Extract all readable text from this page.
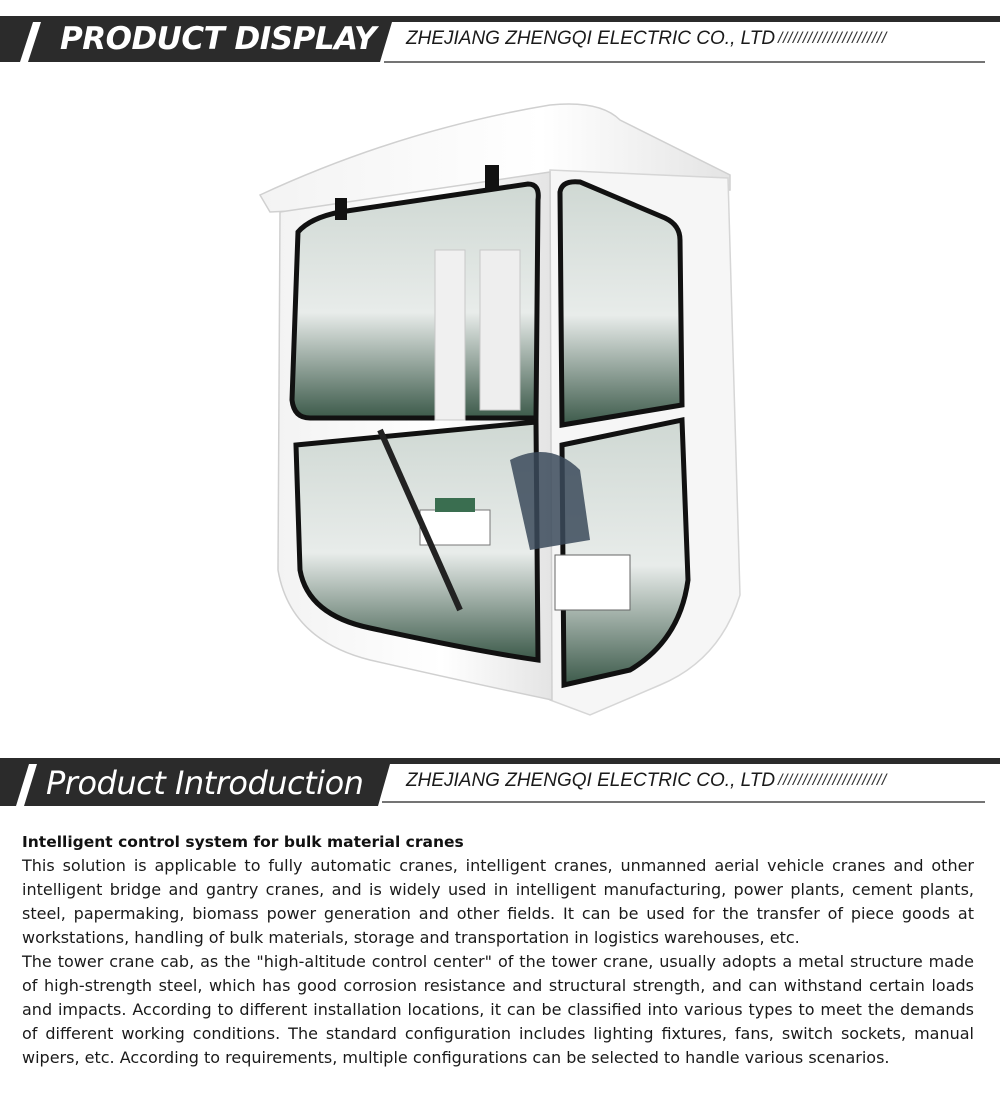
PRODUCT DISPLAY ZHEJIANG ZHENGQI ELECTRIC CO., LTD //////////////////////
Product Introduction ZHEJIANG ZHENGQI ELECTRIC CO., LTD //////////////////////
Intelligent control system for bulk material cranes

This solution is applicable to fully automatic cranes, intelligent cranes, unmanned aerial vehicle cranes and other intelligent bridge and gantry cranes, and is widely used in intelligent manufacturing, power plants, cement plants, steel, papermaking, biomass power generation and other fields. It can be used for the transfer of piece goods at workstations, handling of bulk materials, storage and transportation in logistics warehouses, etc.

The tower crane cab, as the "high-altitude control center" of the tower crane, usually adopts a metal structure made of high-strength steel, which has good corrosion resistance and structural strength, and can withstand certain loads and impacts. According to different installation locations, it can be classified into various types to meet the demands of different working conditions. The standard configuration includes lighting fixtures, fans, switch sockets, manual wipers, etc. According to requirements, multiple configurations can be selected to handle various scenarios.
